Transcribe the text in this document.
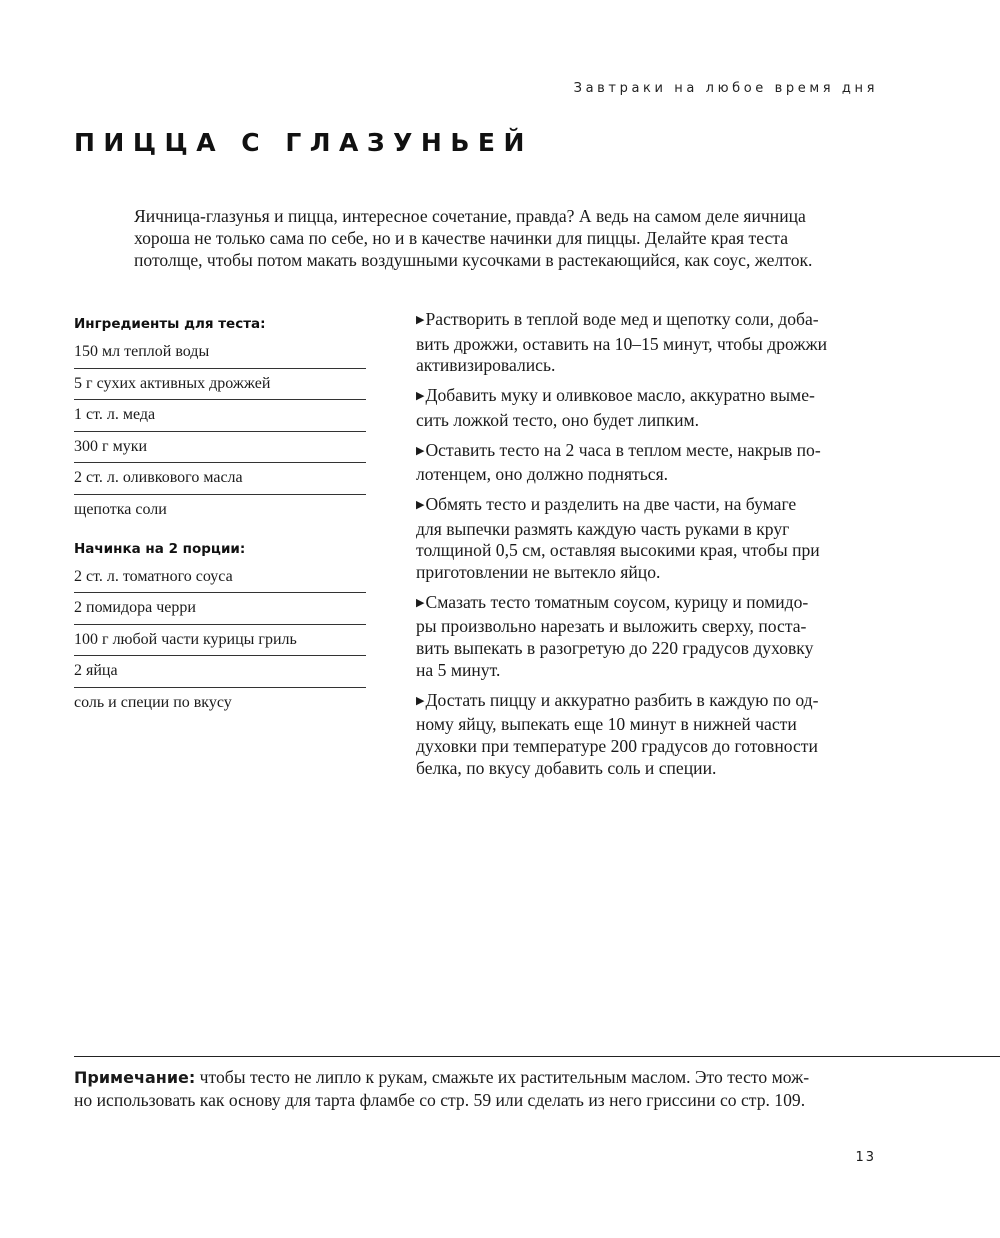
Завтраки на любое время дня
ПИЦЦА С ГЛАЗУНЬЕЙ

Яичница-глазунья и пицца, интересное сочетание, правда? А ведь на самом деле яичница

хороша не только сама по себе, но и в качестве начинки для пиццы. Делайте края теста

потолще, чтобы потом макать воздушными кусочками в растекающийся, как соус, желток.

Ингредиенты для теста:
150 мл теплой воды
5 г сухих активных дрожжей
1 ст. л. меда
300 г муки
2 ст. л. оливкового масла
щепотка соли
Начинка на 2 порции:
2 ст. л. томатного соуса
2 помидора черри
100 г любой части курицы гриль
2 яйца
соль и специи по вкусу
▶Растворить в теплой воде мед и щепотку соли, доба-
вить дрожжи, оставить на 10–15 минут, чтобы дрожжи
активизировались.
▶Добавить муку и оливковое масло, аккуратно выме-
сить ложкой тесто, оно будет липким.
▶Оставить тесто на 2 часа в теплом месте, накрыв по-
лотенцем, оно должно подняться.
▶Обмять тесто и разделить на две части, на бумаге
для выпечки размять каждую часть руками в круг
толщиной 0,5 см, оставляя высокими края, чтобы при
приготовлении не вытекло яйцо.
▶Смазать тесто томатным соусом, курицу и помидо-
ры произвольно нарезать и выложить сверху, поста-
вить выпекать в разогретую до 220 градусов духовку
на 5 минут.
▶Достать пиццу и аккуратно разбить в каждую по од-
ному яйцу, выпекать еще 10 минут в нижней части
духовки при температуре 200 градусов до готовности
белка, по вкусу добавить соль и специи.
Примечание: чтобы тесто не липло к рукам, смажьте их растительным маслом. Это тесто мож-
но использовать как основу для тарта фламбе со стр. 59 или сделать из него гриссини со стр. 109.
13
